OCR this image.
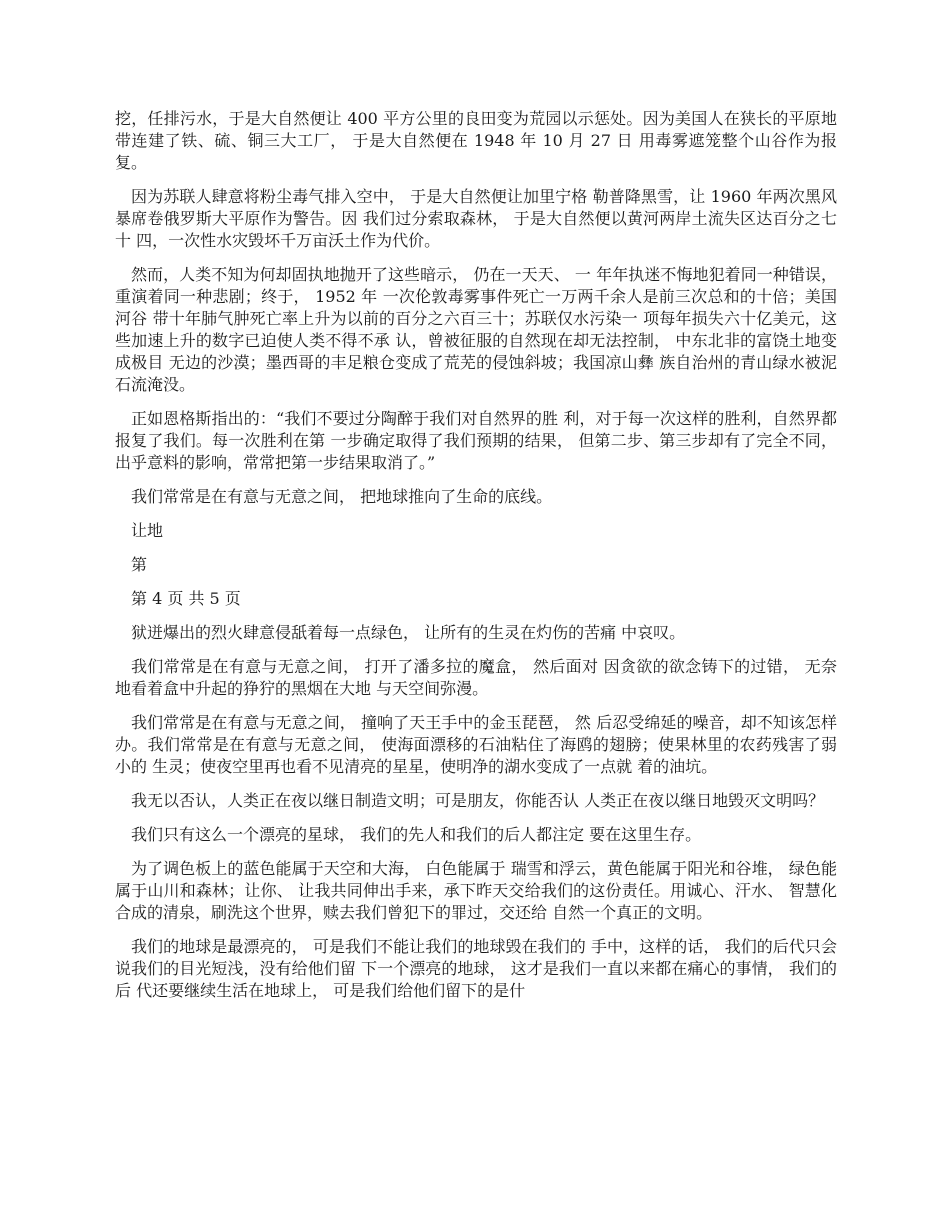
挖，任排污水，于是大自然便让 400 平方公里的良田变为荒园以示惩处。因为美国人在狭长的平原地 带连建了铁、硫、铜三大工厂， 于是大自然便在 1948 年 10 月 27 日 用毒雾遮笼整个山谷作为报复。

因为苏联人肆意将粉尘毒气排入空中， 于是大自然便让加里宁格 勒普降黑雪，让 1960 年两次黑风暴席卷俄罗斯大平原作为警告。因 我们过分索取森林， 于是大自然便以黄河两岸土流失区达百分之七十 四，一次性水灾毁坏千万亩沃土作为代价。

然而，人类不知为何却固执地抛开了这些暗示， 仍在一天天、 一 年年执迷不悔地犯着同一种错误，重演着同一种悲剧；终于， 1952 年 一次伦敦毒雾事件死亡一万两千余人是前三次总和的十倍；美国河谷 带十年肺气肿死亡率上升为以前的百分之六百三十；苏联仅水污染一 项每年损失六十亿美元，这些加速上升的数字已迫使人类不得不承 认，曾被征服的自然现在却无法控制， 中东北非的富饶土地变成极目 无边的沙漠；墨西哥的丰足粮仓变成了荒芜的侵蚀斜坡；我国凉山彝 族自治州的青山绿水被泥石流淹没。

正如恩格斯指出的：“我们不要过分陶醉于我们对自然界的胜 利，对于每一次这样的胜利，自然界都报复了我们。每一次胜利在第 一步确定取得了我们预期的结果， 但第二步、第三步却有了完全不同， 出乎意料的影响，常常把第一步结果取消了。”

我们常常是在有意与无意之间， 把地球推向了生命的底线。

让地

第

第 4 页 共 5 页

狱迸爆出的烈火肆意侵舐着每一点绿色， 让所有的生灵在灼伤的苦痛 中哀叹。

我们常常是在有意与无意之间， 打开了潘多拉的魔盒， 然后面对 因贪欲的欲念铸下的过错， 无奈地看着盒中升起的狰狞的黑烟在大地 与天空间弥漫。

我们常常是在有意与无意之间， 撞响了天王手中的金玉琵琶， 然 后忍受绵延的噪音，却不知该怎样办。我们常常是在有意与无意之间， 使海面漂移的石油粘住了海鸥的翅膀；使果林里的农药残害了弱小的 生灵；使夜空里再也看不见清亮的星星，使明净的湖水变成了一点就 着的油坑。

我无以否认，人类正在夜以继日制造文明；可是朋友，你能否认 人类正在夜以继日地毁灭文明吗？

我们只有这么一个漂亮的星球， 我们的先人和我们的后人都注定 要在这里生存。

为了调色板上的蓝色能属于天空和大海， 白色能属于 瑞雪和浮云，黄色能属于阳光和谷堆， 绿色能属于山川和森林；让你、 让我共同伸出手来，承下昨天交给我们的这份责任。用诚心、汗水、 智慧化合成的清泉，刷洗这个世界，赎去我们曾犯下的罪过，交还给 自然一个真正的文明。

我们的地球是最漂亮的， 可是我们不能让我们的地球毁在我们的 手中，这样的话， 我们的后代只会说我们的目光短浅，没有给他们留 下一个漂亮的地球， 这才是我们一直以来都在痛心的事情， 我们的后 代还要继续生活在地球上， 可是我们给他们留下的是什
